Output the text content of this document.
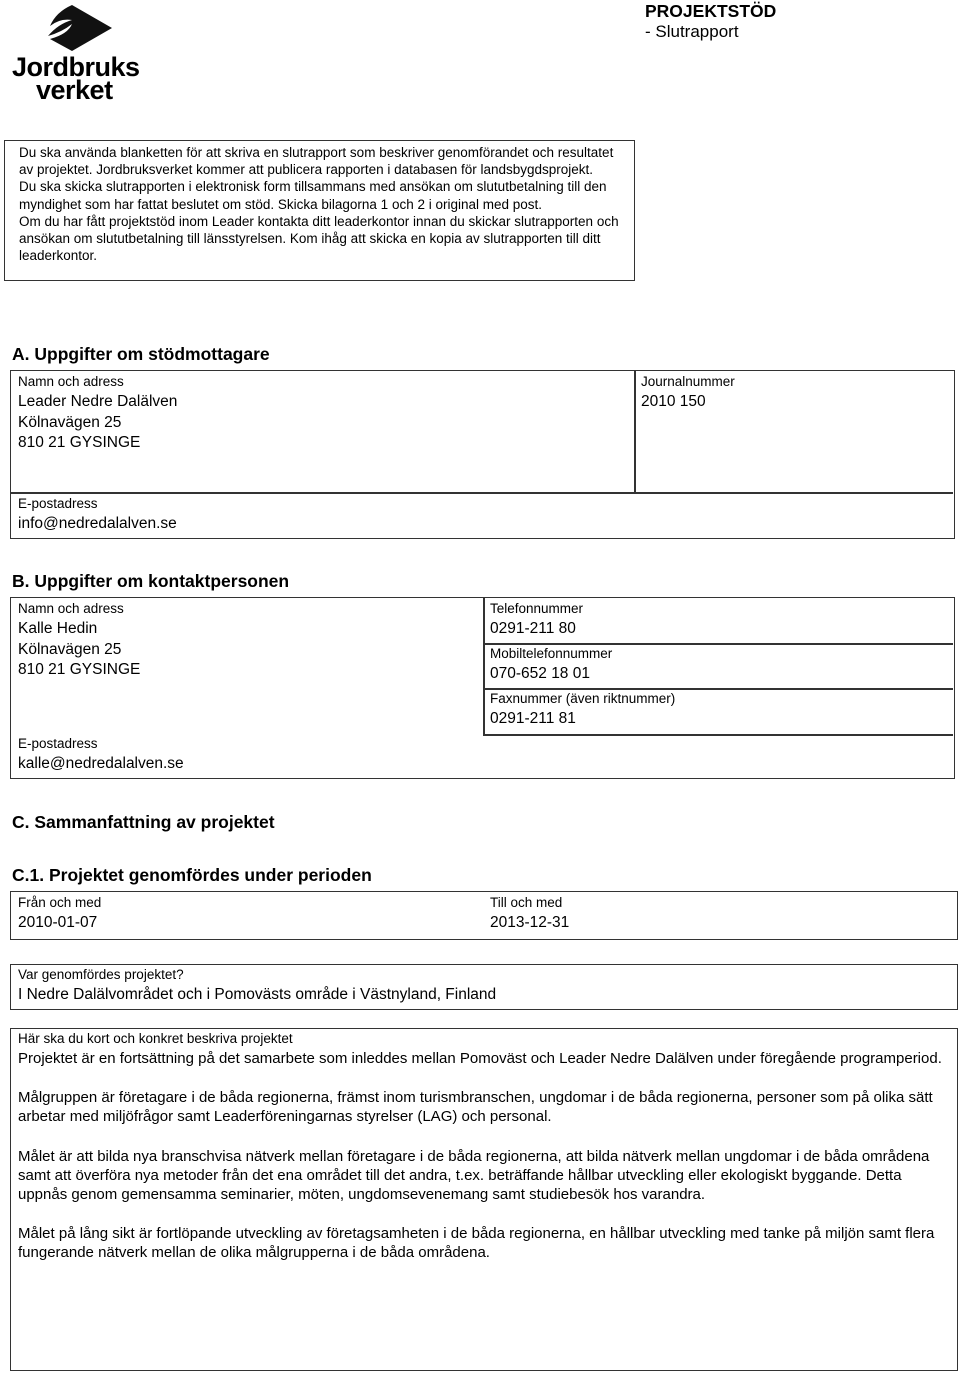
Jordbruks
verket
PROJEKTSTÖD
- Slutrapport

Du ska använda blanketten för att skriva en slutrapport som beskriver genomförandet och resultatet av projektet. Jordbruksverket kommer att publicera rapporten i databasen för landsbygdsprojekt.

Du ska skicka slutrapporten i elektronisk form tillsammans med ansökan om slututbetalning till den myndighet som har fattat beslutet om stöd. Skicka bilagorna 1 och 2 i original med post.

Om du har fått projektstöd inom Leader kontakta ditt leaderkontor innan du skickar slutrapporten och ansökan om slututbetalning till länsstyrelsen. Kom ihåg att skicka en kopia av slutrapporten till ditt leaderkontor.

A. Uppgifter om stödmottagare
Namn och adress
Leader Nedre Dalälven
Kölnavägen 25
810 21 GYSINGE
Journalnummer
2010 150
E-postadress
info@nedredalalven.se
B. Uppgifter om kontaktpersonen
Namn och adress
Kalle Hedin
Kölnavägen 25
810 21 GYSINGE
E-postadress
kalle@nedredalalven.se
Telefonnummer
0291-211 80
Mobiltelefonnummer
070-652 18 01
Faxnummer (även riktnummer)
0291-211 81
C. Sammanfattning av projektet
C.1. Projektet genomfördes under perioden
Från och med
2010-01-07
Till och med
2013-12-31
Var genomfördes projektet?
I Nedre Dalälvområdet och i Pomovästs område i Västnyland, Finland
Här ska du kort och konkret beskriva projektet

Projektet är en fortsättning på det samarbete som inleddes mellan Pomoväst och Leader Nedre Dalälven under föregående programperiod.

Målgruppen är företagare i de båda regionerna, främst inom turismbranschen, ungdomar i de båda regionerna, personer som på olika sätt arbetar med miljöfrågor samt Leaderföreningarnas styrelser (LAG) och personal.

Målet är att bilda nya branschvisa nätverk mellan företagare i de båda regionerna, att bilda nätverk mellan ungdomar i de båda områdena samt att överföra nya metoder från det ena området till det andra, t.ex. beträffande hållbar utveckling eller ekologiskt byggande. Detta uppnås genom gemensamma seminarier, möten, ungdomsevenemang samt studiebesök hos varandra.

Målet på lång sikt är fortlöpande utveckling av företagsamheten i de båda regionerna, en hållbar utveckling med tanke på miljön samt flera fungerande nätverk mellan de olika målgrupperna i de båda områdena.
